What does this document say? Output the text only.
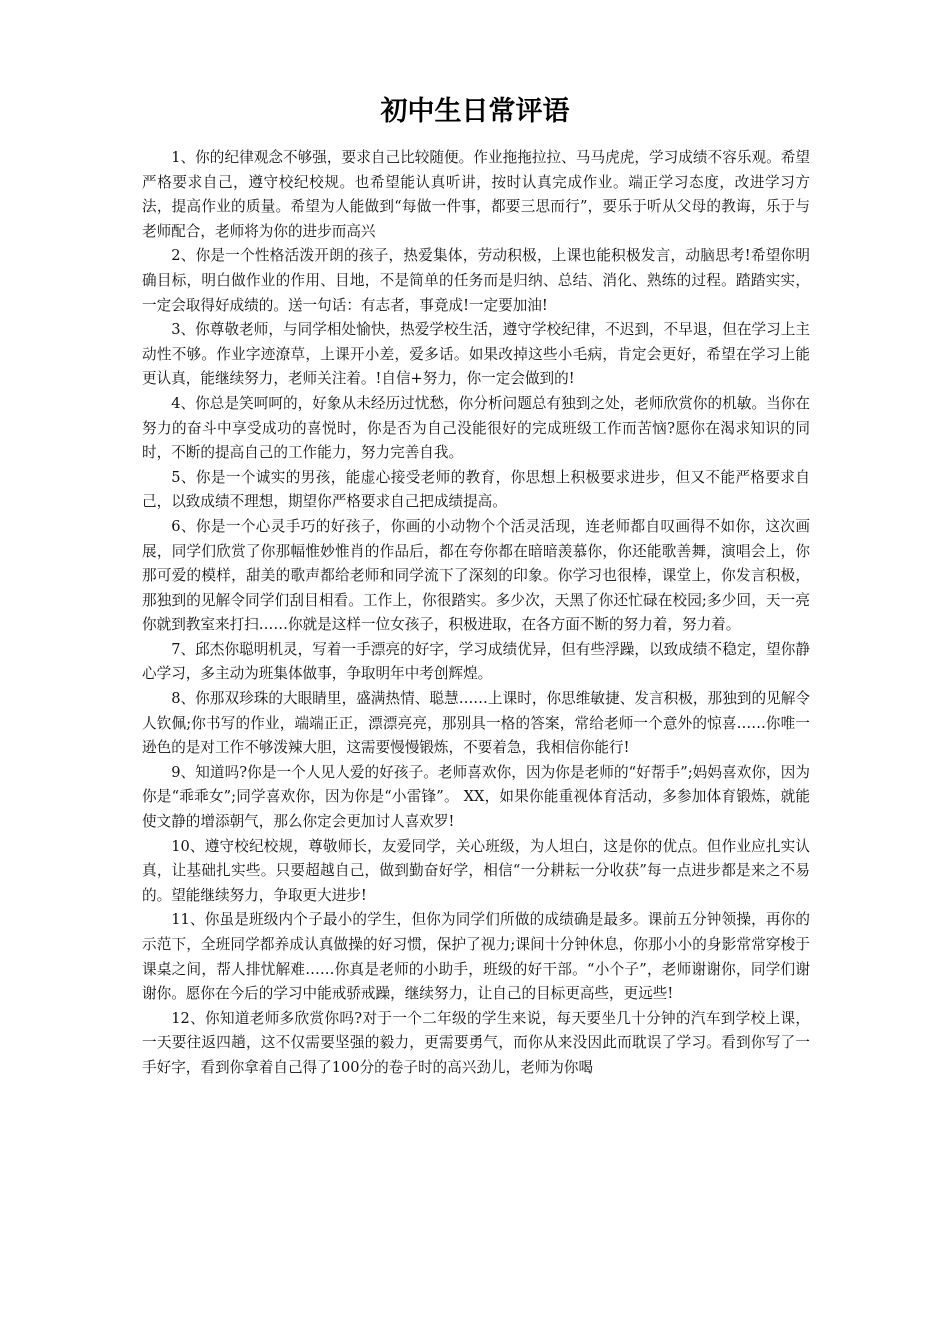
初中生日常评语

1、你的纪律观念不够强，要求自己比较随便。作业拖拖拉拉、马马虎虎，学习成绩不容乐观。希望严格要求自己，遵守校纪校规。也希望能认真听讲，按时认真完成作业。端正学习态度，改进学习方法，提高作业的质量。希望为人能做到“每做一件事，都要三思而行”，要乐于听从父母的教诲，乐于与老师配合，老师将为你的进步而高兴

2、你是一个性格活泼开朗的孩子，热爱集体，劳动积极，上课也能积极发言，动脑思考!希望你明确目标，明白做作业的作用、目地，不是简单的任务而是归纳、总结、消化、熟练的过程。踏踏实实，一定会取得好成绩的。送一句话：有志者，事竟成!一定要加油!

3、你尊敬老师，与同学相处愉快，热爱学校生活，遵守学校纪律，不迟到，不早退，但在学习上主动性不够。作业字迹潦草，上课开小差，爱多话。如果改掉这些小毛病，肯定会更好，希望在学习上能更认真，能继续努力，老师关注着。!自信+努力，你一定会做到的!

4、你总是笑呵呵的，好象从未经历过忧愁，你分析问题总有独到之处，老师欣赏你的机敏。当你在努力的奋斗中享受成功的喜悦时，你是否为自己没能很好的完成班级工作而苦恼?愿你在渴求知识的同时，不断的提高自己的工作能力，努力完善自我。

5、你是一个诚实的男孩，能虚心接受老师的教育，你思想上积极要求进步，但又不能严格要求自己，以致成绩不理想，期望你严格要求自己把成绩提高。

6、你是一个心灵手巧的好孩子，你画的小动物个个活灵活现，连老师都自叹画得不如你，这次画展，同学们欣赏了你那幅惟妙惟肖的作品后，都在夸你都在暗暗羡慕你，你还能歌善舞，演唱会上，你那可爱的模样，甜美的歌声都给老师和同学流下了深刻的印象。你学习也很棒，课堂上，你发言积极，那独到的见解令同学们刮目相看。工作上，你很踏实。多少次，天黑了你还忙碌在校园;多少回，天一亮你就到教室来打扫……你就是这样一位女孩子，积极进取，在各方面不断的努力着，努力着。

7、邱杰你聪明机灵，写着一手漂亮的好字，学习成绩优异，但有些浮躁，以致成绩不稳定，望你静心学习，多主动为班集体做事，争取明年中考创辉煌。

8、你那双珍珠的大眼睛里，盛满热情、聪慧……上课时，你思维敏捷、发言积极，那独到的见解令人钦佩;你书写的作业，端端正正，漂漂亮亮，那别具一格的答案，常给老师一个意外的惊喜……你唯一逊色的是对工作不够泼辣大胆，这需要慢慢锻炼，不要着急，我相信你能行!

9、知道吗?你是一个人见人爱的好孩子。老师喜欢你，因为你是老师的“好帮手”;妈妈喜欢你，因为你是“乖乖女”;同学喜欢你，因为你是“小雷锋”。 XX，如果你能重视体育活动，多参加体育锻炼，就能使文静的增添朝气，那么你定会更加讨人喜欢罗!

10、遵守校纪校规，尊敬师长，友爱同学，关心班级，为人坦白，这是你的优点。但作业应扎实认真，让基础扎实些。只要超越自己，做到勤奋好学，相信“一分耕耘一分收获”每一点进步都是来之不易的。望能继续努力，争取更大进步!

11、你虽是班级内个子最小的学生，但你为同学们所做的成绩确是最多。课前五分钟领操，再你的示范下，全班同学都养成认真做操的好习惯，保护了视力;课间十分钟休息，你那小小的身影常常穿梭于课桌之间，帮人排忧解难……你真是老师的小助手，班级的好干部。“小个子”，老师谢谢你，同学们谢谢你。愿你在今后的学习中能戒骄戒躁，继续努力，让自己的目标更高些，更远些!

12、你知道老师多欣赏你吗?对于一个二年级的学生来说，每天要坐几十分钟的汽车到学校上课，一天要往返四趟，这不仅需要坚强的毅力，更需要勇气，而你从来没因此而耽误了学习。看到你写了一手好字，看到你拿着自己得了100分的卷子时的高兴劲儿，老师为你喝
